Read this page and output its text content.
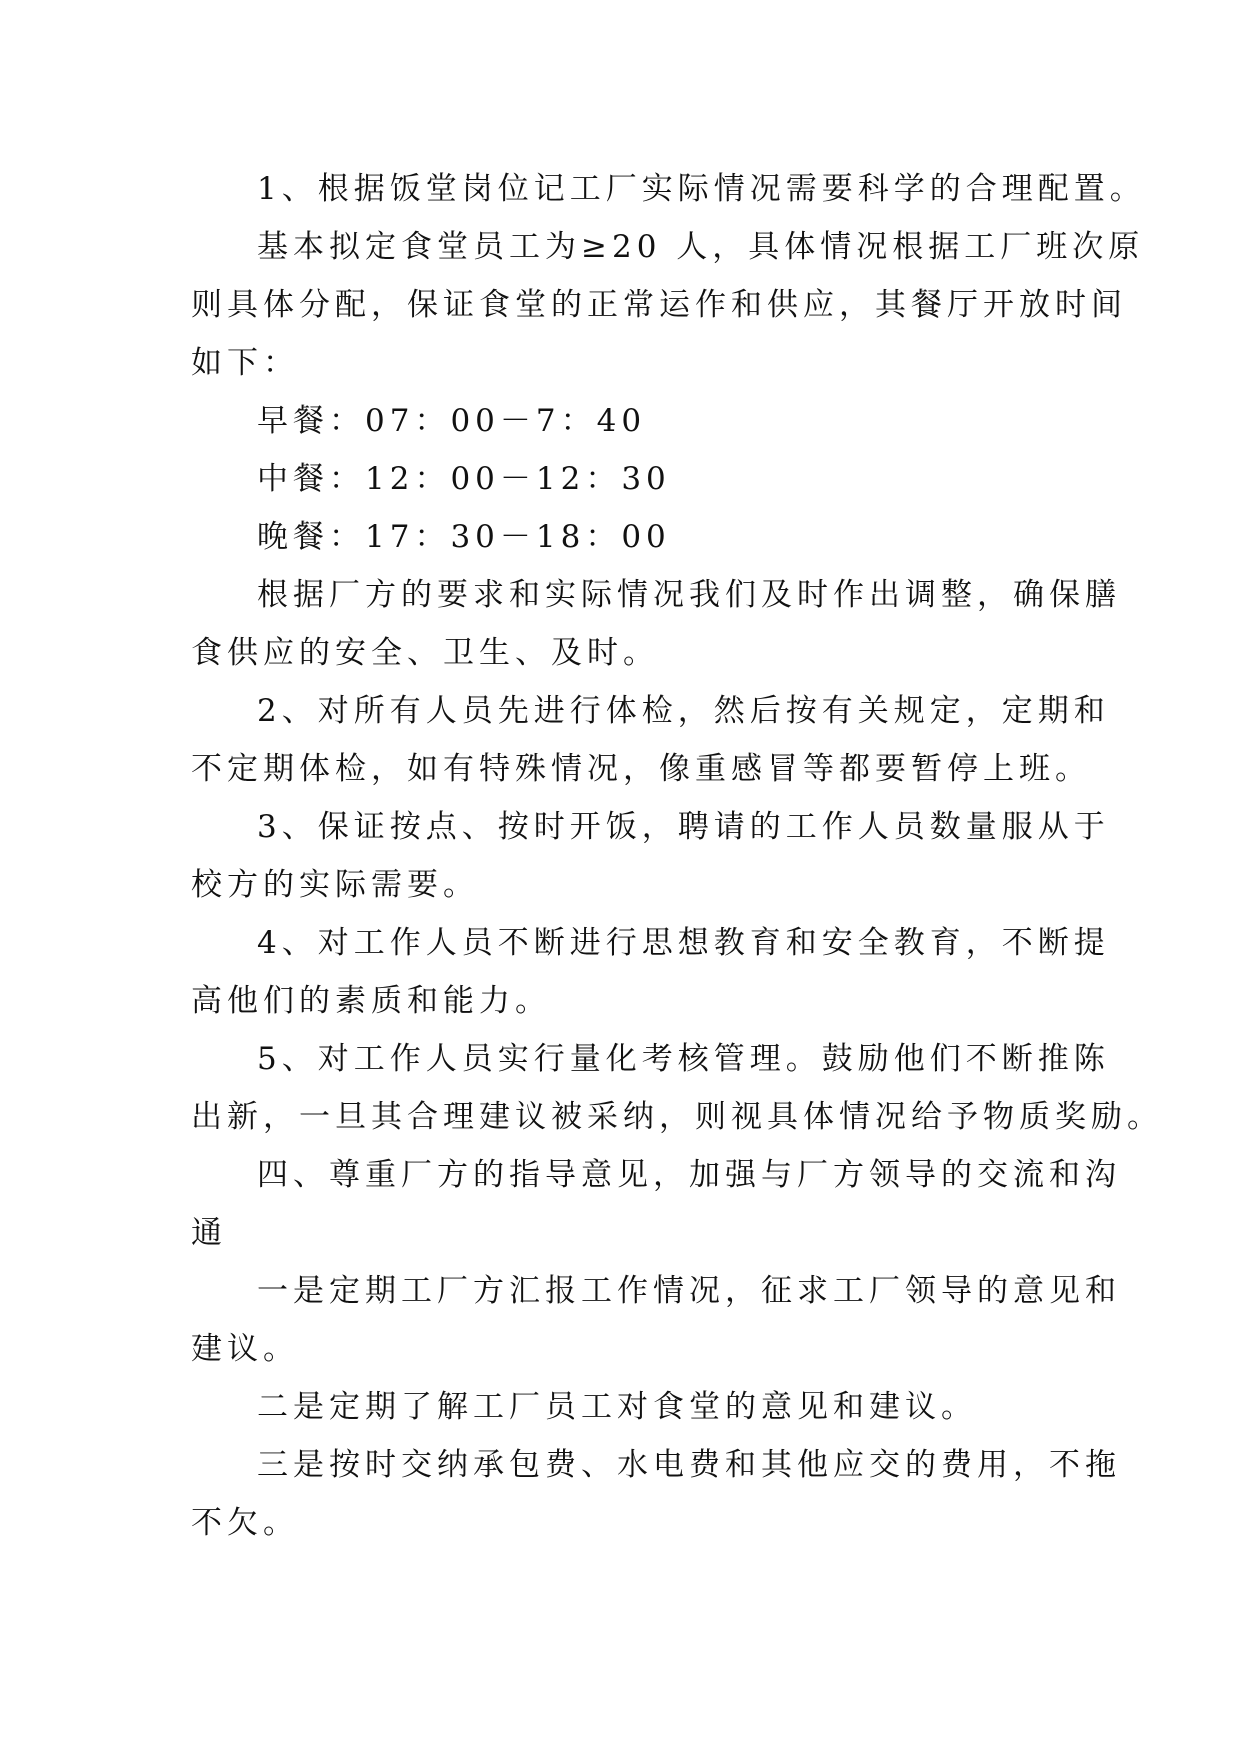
1、根据饭堂岗位记工厂实际情况需要科学的合理配置。
基本拟定食堂员工为≥20 人，具体情况根据工厂班次原
则具体分配，保证食堂的正常运作和供应，其餐厅开放时间
如下：
早餐：07：00－7：40
中餐：12：00－12：30
晚餐：17：30－18：00
根据厂方的要求和实际情况我们及时作出调整，确保膳
食供应的安全、卫生、及时。
2、对所有人员先进行体检，然后按有关规定，定期和
不定期体检，如有特殊情况，像重感冒等都要暂停上班。
3、保证按点、按时开饭，聘请的工作人员数量服从于
校方的实际需要。
4、对工作人员不断进行思想教育和安全教育，不断提
高他们的素质和能力。
5、对工作人员实行量化考核管理。鼓励他们不断推陈
出新，一旦其合理建议被采纳，则视具体情况给予物质奖励。
四、尊重厂方的指导意见，加强与厂方领导的交流和沟
通
一是定期工厂方汇报工作情况，征求工厂领导的意见和
建议。
二是定期了解工厂员工对食堂的意见和建议。
三是按时交纳承包费、水电费和其他应交的费用，不拖
不欠。
